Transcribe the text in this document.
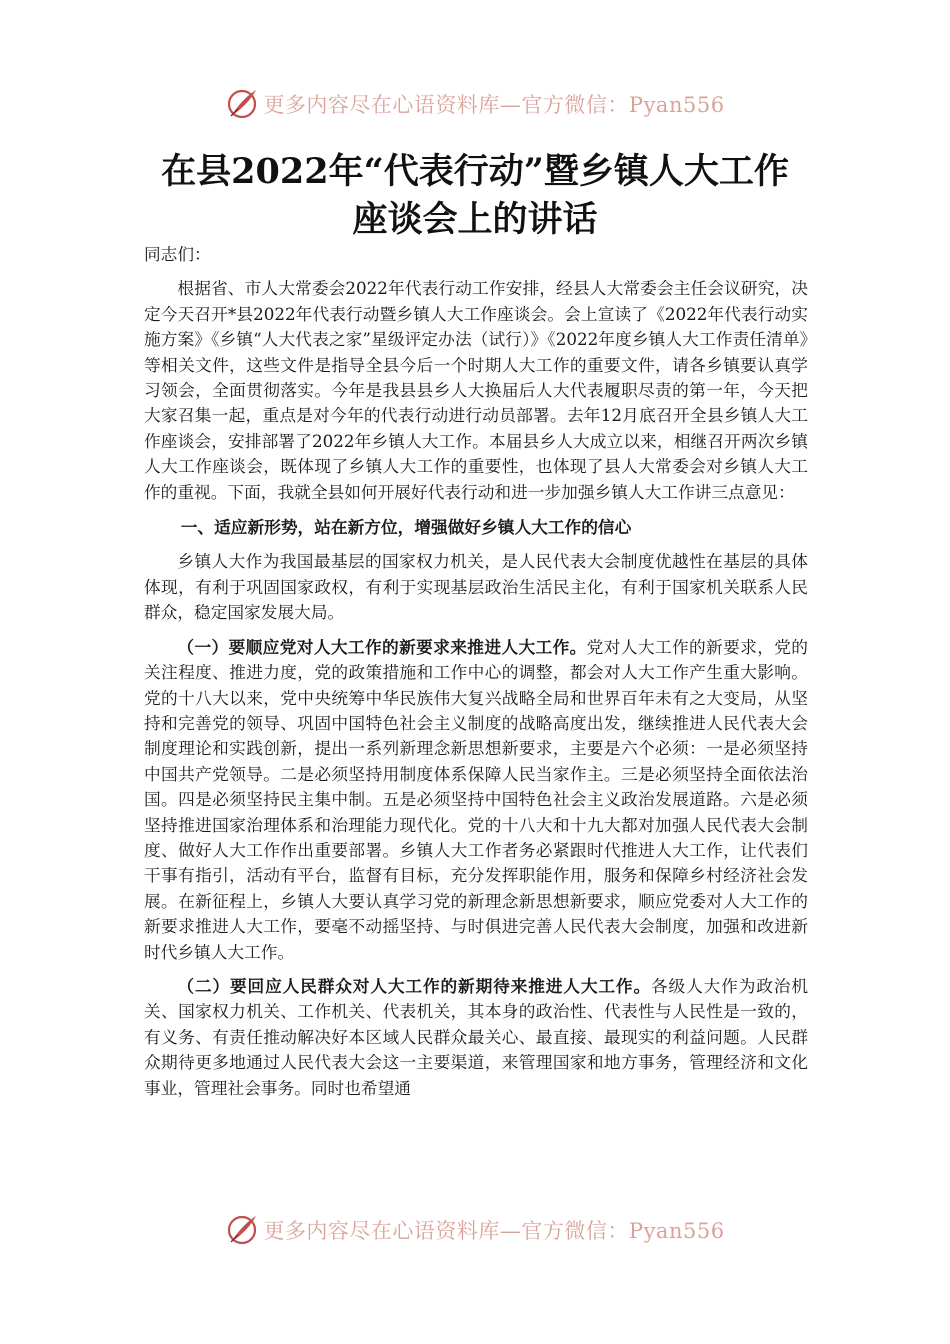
更多内容尽在心语资料库—官方微信：Pyan556
在县2022年“代表行动”暨乡镇人大工作
座谈会上的讲话

同志们：

根据省、市人大常委会2022年代表行动工作安排，经县人大常委会主任会议研究，决定今天召开*县2022年代表行动暨乡镇人大工作座谈会。会上宣读了《2022年代表行动实施方案》《乡镇“人大代表之家”星级评定办法（试行）》《2022年度乡镇人大工作责任清单》等相关文件，这些文件是指导全县今后一个时期人大工作的重要文件，请各乡镇要认真学习领会，全面贯彻落实。今年是我县县乡人大换届后人大代表履职尽责的第一年，今天把大家召集一起，重点是对今年的代表行动进行动员部署。去年12月底召开全县乡镇人大工作座谈会，安排部署了2022年乡镇人大工作。本届县乡人大成立以来，相继召开两次乡镇人大工作座谈会，既体现了乡镇人大工作的重要性，也体现了县人大常委会对乡镇人大工作的重视。下面，我就全县如何开展好代表行动和进一步加强乡镇人大工作讲三点意见：

一、适应新形势，站在新方位，增强做好乡镇人大工作的信心

乡镇人大作为我国最基层的国家权力机关，是人民代表大会制度优越性在基层的具体体现，有利于巩固国家政权，有利于实现基层政治生活民主化，有利于国家机关联系人民群众，稳定国家发展大局。

（一）要顺应党对人大工作的新要求来推进人大工作。党对人大工作的新要求，党的关注程度、推进力度，党的政策措施和工作中心的调整，都会对人大工作产生重大影响。党的十八大以来，党中央统筹中华民族伟大复兴战略全局和世界百年未有之大变局，从坚持和完善党的领导、巩固中国特色社会主义制度的战略高度出发，继续推进人民代表大会制度理论和实践创新，提出一系列新理念新思想新要求，主要是六个必须：一是必须坚持中国共产党领导。二是必须坚持用制度体系保障人民当家作主。三是必须坚持全面依法治国。四是必须坚持民主集中制。五是必须坚持中国特色社会主义政治发展道路。六是必须坚持推进国家治理体系和治理能力现代化。党的十八大和十九大都对加强人民代表大会制度、做好人大工作作出重要部署。乡镇人大工作者务必紧跟时代推进人大工作，让代表们干事有指引，活动有平台，监督有目标，充分发挥职能作用，服务和保障乡村经济社会发展。在新征程上，乡镇人大要认真学习党的新理念新思想新要求，顺应党委对人大工作的新要求推进人大工作，要毫不动摇坚持、与时俱进完善人民代表大会制度，加强和改进新时代乡镇人大工作。

（二）要回应人民群众对人大工作的新期待来推进人大工作。各级人大作为政治机关、国家权力机关、工作机关、代表机关，其本身的政治性、代表性与人民性是一致的，有义务、有责任推动解决好本区域人民群众最关心、最直接、最现实的利益问题。人民群众期待更多地通过人民代表大会这一主要渠道，来管理国家和地方事务，管理经济和文化事业，管理社会事务。同时也希望通

更多内容尽在心语资料库—官方微信：Pyan556
